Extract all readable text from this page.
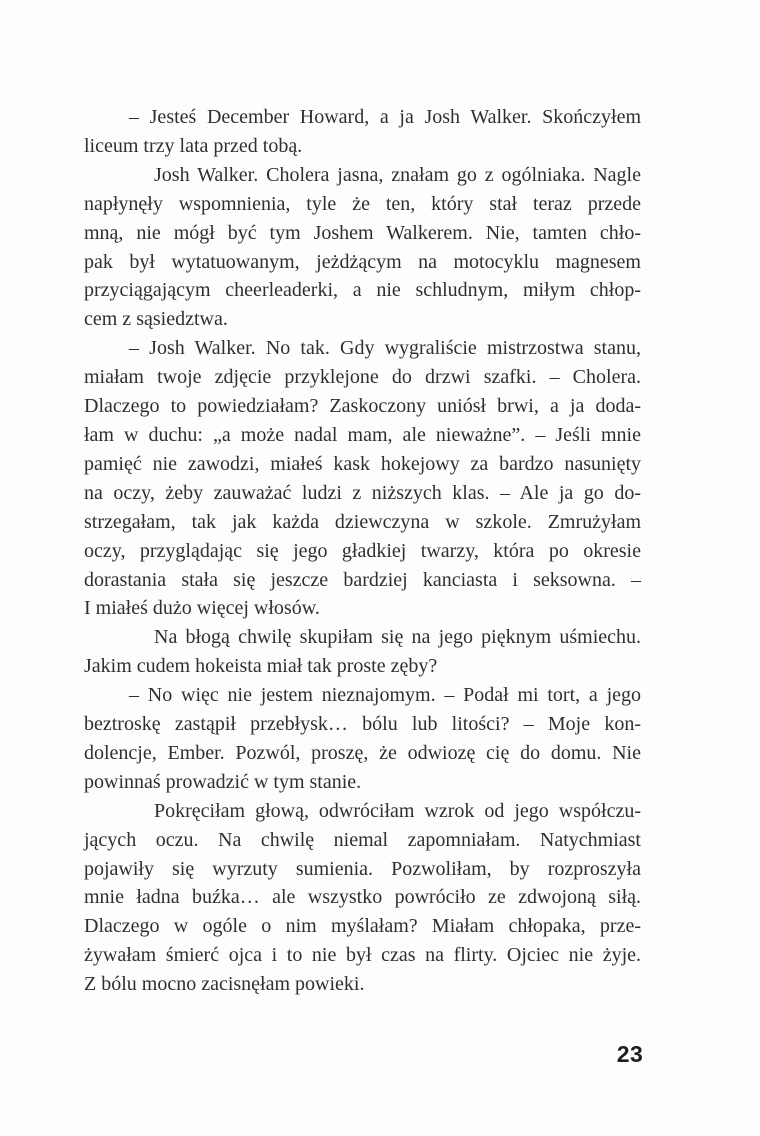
– Jesteś December Howard, a ja Josh Walker. Skończyłem
liceum trzy lata przed tobą.
Josh Walker. Cholera jasna, znałam go z ogólniaka. Nagle
napłynęły wspomnienia, tyle że ten, który stał teraz przede
mną, nie mógł być tym Joshem Walkerem. Nie, tamten chło-
pak był wytatuowanym, jeżdżącym na motocyklu magnesem
przyciągającym cheerleaderki, a nie schludnym, miłym chłop-
cem z sąsiedztwa.
– Josh Walker. No tak. Gdy wygraliście mistrzostwa stanu,
miałam twoje zdjęcie przyklejone do drzwi szafki. – Cholera.
Dlaczego to powiedziałam? Zaskoczony uniósł brwi, a ja doda-
łam w duchu: „a może nadal mam, ale nieważne”. – Jeśli mnie
pamięć nie zawodzi, miałeś kask hokejowy za bardzo nasunięty
na oczy, żeby zauważać ludzi z niższych klas. – Ale ja go do-
strzegałam, tak jak każda dziewczyna w szkole. Zmrużyłam
oczy, przyglądając się jego gładkiej twarzy, która po okresie
dorastania stała się jeszcze bardziej kanciasta i seksowna. –
I miałeś dużo więcej włosów.
Na błogą chwilę skupiłam się na jego pięknym uśmiechu.
Jakim cudem hokeista miał tak proste zęby?
– No więc nie jestem nieznajomym. – Podał mi tort, a jego
beztroskę zastąpił przebłysk… bólu lub litości? – Moje kon-
dolencje, Ember. Pozwól, proszę, że odwiozę cię do domu. Nie
powinnaś prowadzić w tym stanie.
Pokręciłam głową, odwróciłam wzrok od jego współczu-
jących oczu. Na chwilę niemal zapomniałam. Natychmiast
pojawiły się wyrzuty sumienia. Pozwoliłam, by rozproszyła
mnie ładna buźka… ale wszystko powróciło ze zdwojoną siłą.
Dlaczego w ogóle o nim myślałam? Miałam chłopaka, prze-
żywałam śmierć ojca i to nie był czas na flirty. Ojciec nie żyje.
Z bólu mocno zacisnęłam powieki.
23
